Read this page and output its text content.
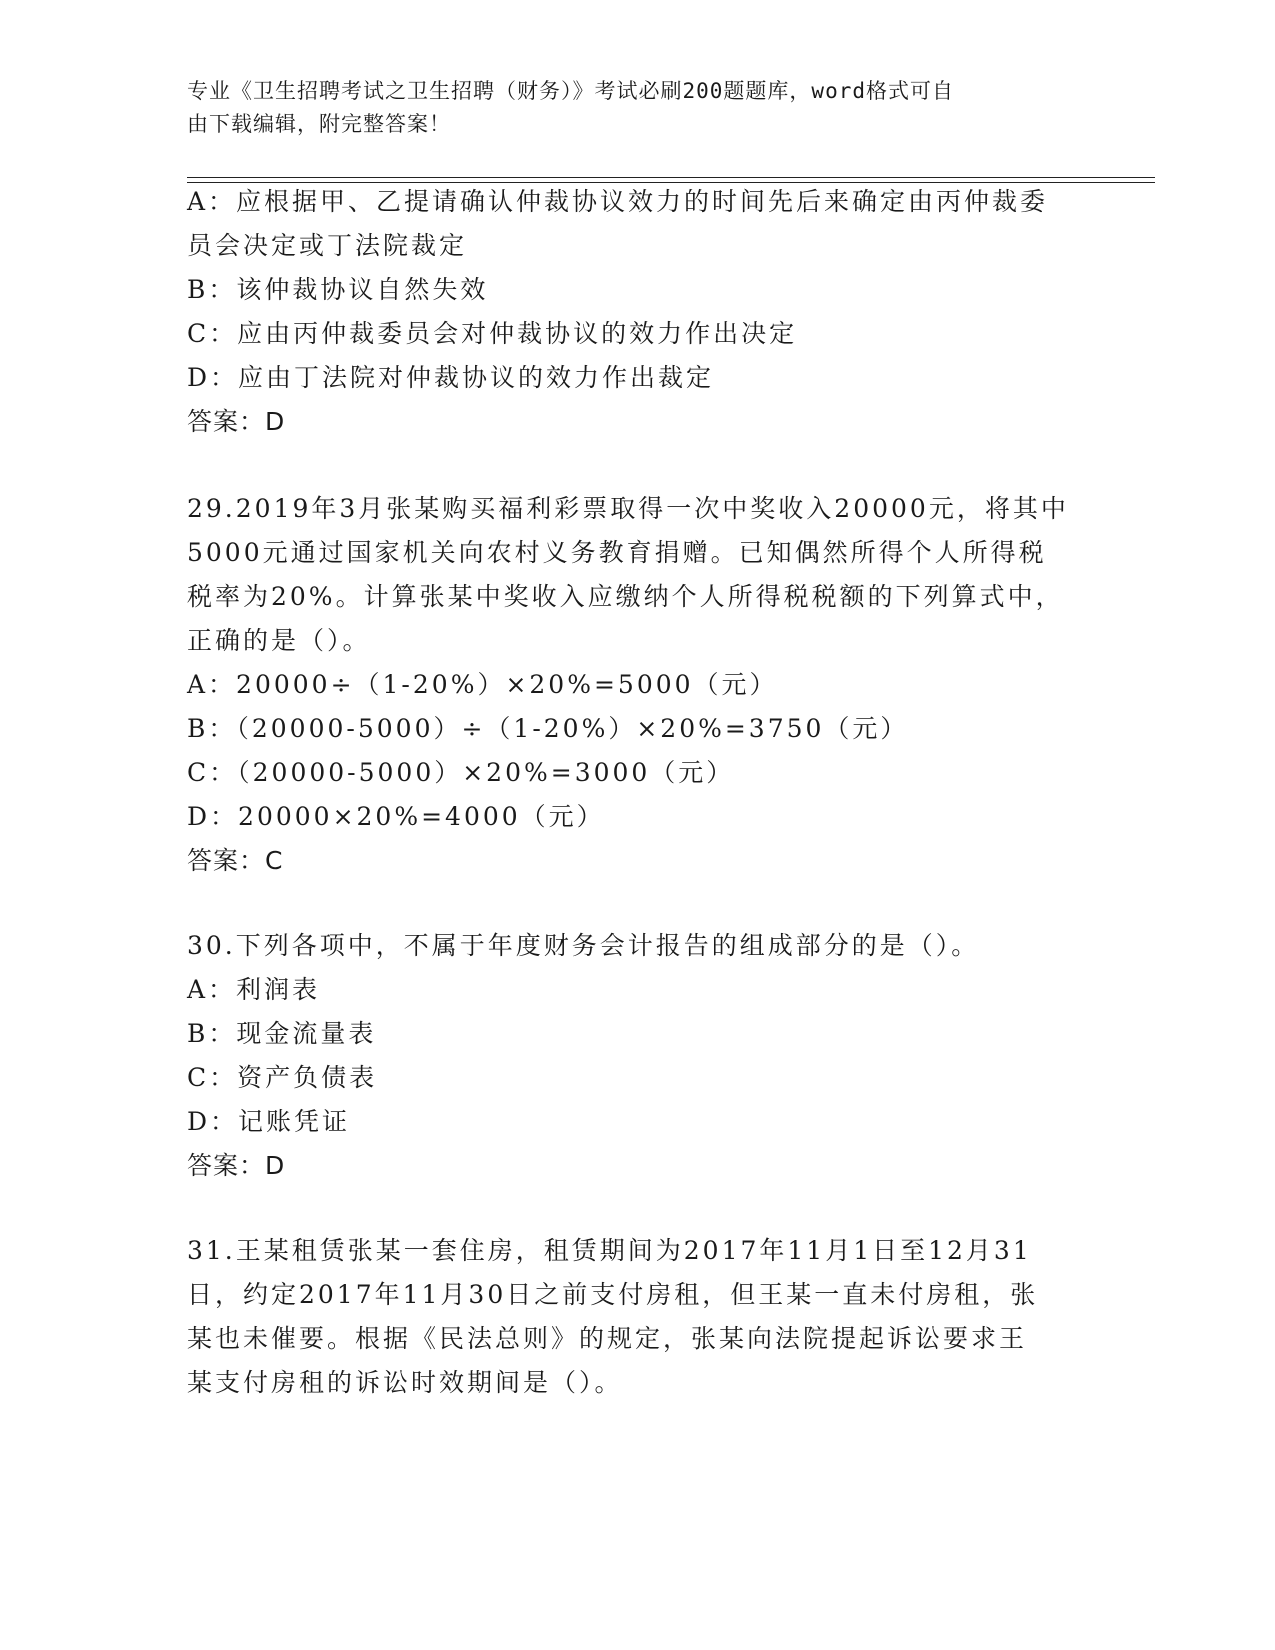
专业《卫生招聘考试之卫生招聘（财务）》考试必刷200题题库，word格式可自
由下载编辑，附完整答案！
A：应根据甲、乙提请确认仲裁协议效力的时间先后来确定由丙仲裁委
员会决定或丁法院裁定
B：该仲裁协议自然失效
C：应由丙仲裁委员会对仲裁协议的效力作出决定
D：应由丁法院对仲裁协议的效力作出裁定
答案：D
29.2019年3月张某购买福利彩票取得一次中奖收入20000元，将其中
5000元通过国家机关向农村义务教育捐赠。已知偶然所得个人所得税
税率为20%。计算张某中奖收入应缴纳个人所得税税额的下列算式中，
正确的是（）。
A：20000÷（1-20%）×20%=5000（元）
B：（20000-5000）÷（1-20%）×20%=3750（元）
C：（20000-5000）×20%=3000（元）
D：20000×20%=4000（元）
答案：C
30.下列各项中，不属于年度财务会计报告的组成部分的是（）。
A：利润表
B：现金流量表
C：资产负债表
D：记账凭证
答案：D
31.王某租赁张某一套住房，租赁期间为2017年11月1日至12月31
日，约定2017年11月30日之前支付房租，但王某一直未付房租，张
某也未催要。根据《民法总则》的规定，张某向法院提起诉讼要求王
某支付房租的诉讼时效期间是（）。
